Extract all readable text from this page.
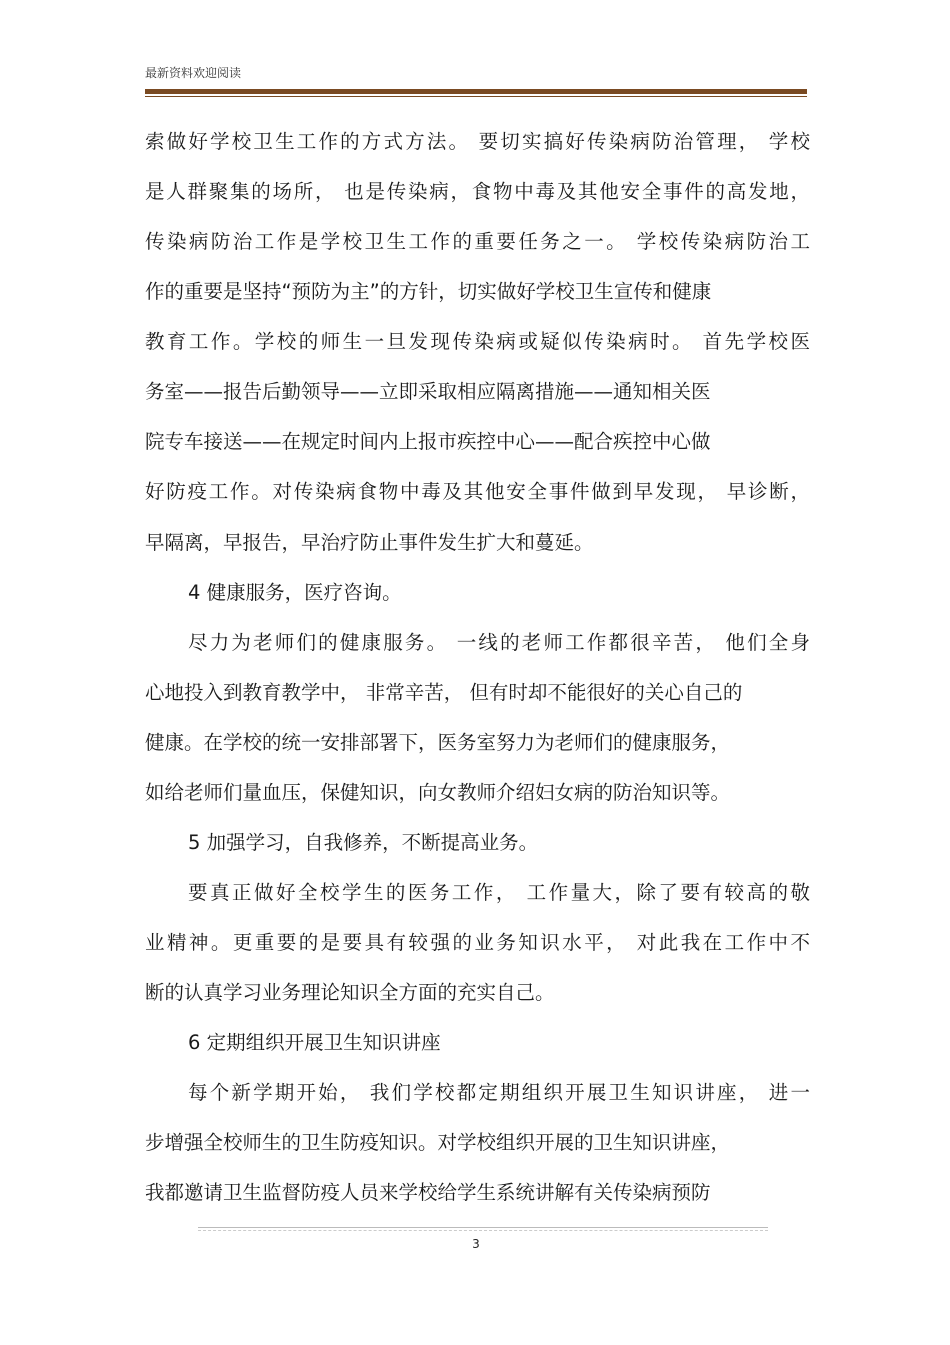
最新资料欢迎阅读
索做好学校卫生工作的方式方法。 要切实搞好传染病防治管理， 学校
是人群聚集的场所， 也是传染病，食物中毒及其他安全事件的高发地，
传染病防治工作是学校卫生工作的重要任务之一。 学校传染病防治工
作的重要是坚持“预防为主”的方针，切实做好学校卫生宣传和健康
教育工作。学校的师生一旦发现传染病或疑似传染病时。 首先学校医
务室——报告后勤领导——立即采取相应隔离措施——通知相关医
院专车接送——在规定时间内上报市疾控中心——配合疾控中心做
好防疫工作。对传染病食物中毒及其他安全事件做到早发现， 早诊断，
早隔离，早报告，早治疗防止事件发生扩大和蔓延。
4 健康服务，医疗咨询。
尽力为老师们的健康服务。 一线的老师工作都很辛苦， 他们全身
心地投入到教育教学中， 非常辛苦， 但有时却不能很好的关心自己的
健康。在学校的统一安排部署下，医务室努力为老师们的健康服务，
如给老师们量血压，保健知识，向女教师介绍妇女病的防治知识等。
5 加强学习，自我修养，不断提高业务。
要真正做好全校学生的医务工作， 工作量大，除了要有较高的敬
业精神。更重要的是要具有较强的业务知识水平， 对此我在工作中不
断的认真学习业务理论知识全方面的充实自己。
6 定期组织开展卫生知识讲座
每个新学期开始， 我们学校都定期组织开展卫生知识讲座， 进一
步增强全校师生的卫生防疫知识。对学校组织开展的卫生知识讲座，
我都邀请卫生监督防疫人员来学校给学生系统讲解有关传染病预防
3
